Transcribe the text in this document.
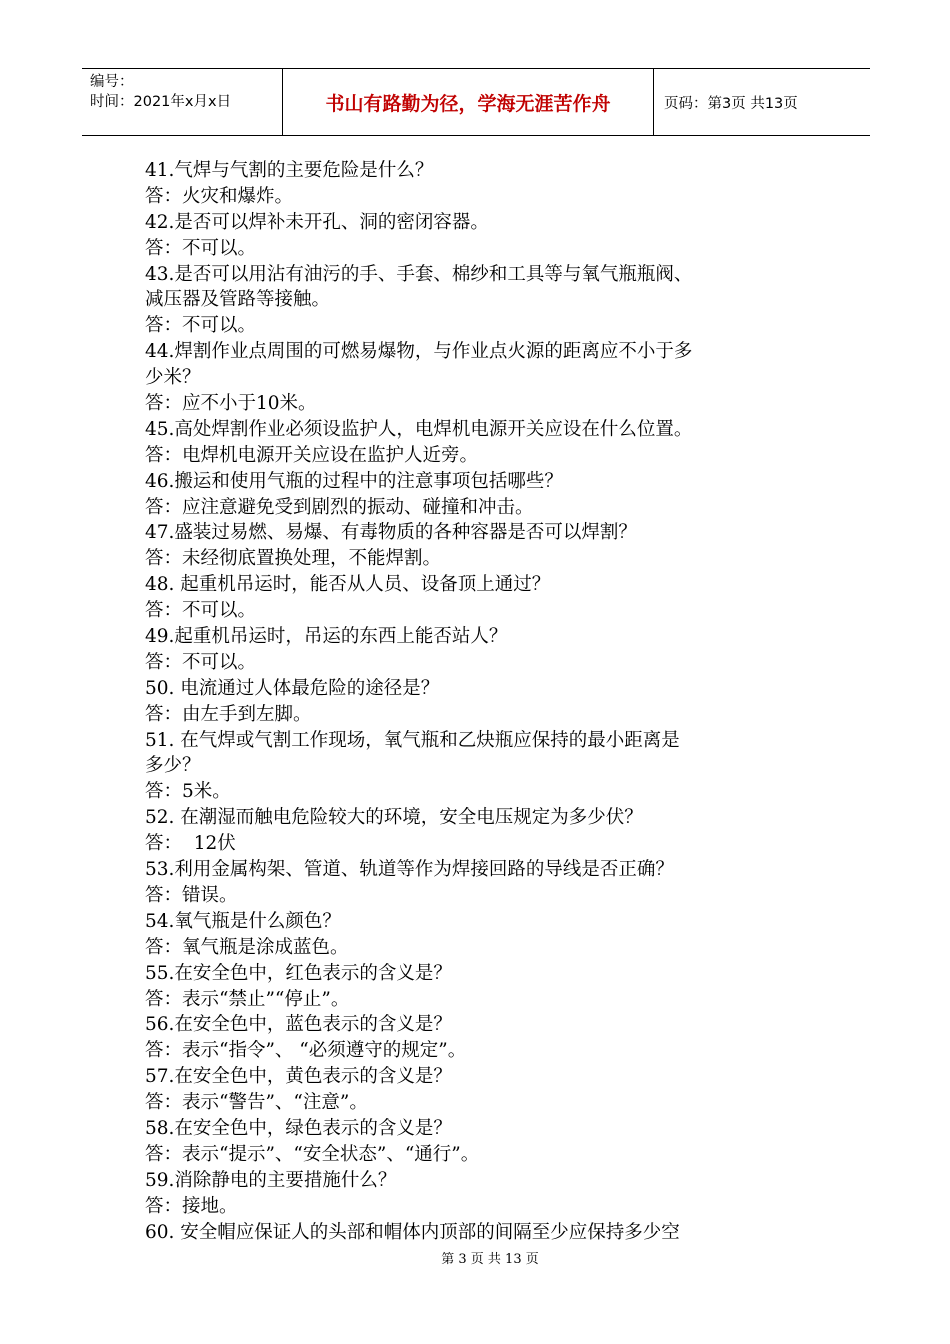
编号：
时间：2021年x月x日	书山有路勤为径，学海无涯苦作舟	页码：第3页 共13页
41.气焊与气割的主要危险是什么？
答：火灾和爆炸。
42.是否可以焊补未开孔、洞的密闭容器。
答：不可以。
43.是否可以用沾有油污的手、手套、棉纱和工具等与氧气瓶瓶阀、
减压器及管路等接触。
答：不可以。
44.焊割作业点周围的可燃易爆物，与作业点火源的距离应不小于多
少米？
答：应不小于10米。
45.高处焊割作业必须设监护人，电焊机电源开关应设在什么位置。
答：电焊机电源开关应设在监护人近旁。
46.搬运和使用气瓶的过程中的注意事项包括哪些？
答：应注意避免受到剧烈的振动、碰撞和冲击。
47.盛装过易燃、易爆、有毒物质的各种容器是否可以焊割？
答：未经彻底置换处理，不能焊割。
48. 起重机吊运时，能否从人员、设备顶上通过？
答：不可以。
49.起重机吊运时，吊运的东西上能否站人？
答：不可以。
50. 电流通过人体最危险的途径是？
答：由左手到左脚。
51. 在气焊或气割工作现场，氧气瓶和乙炔瓶应保持的最小距离是
多少？
答：5米。
52. 在潮湿而触电危险较大的环境，安全电压规定为多少伏？
答：  12伏
53.利用金属构架、管道、轨道等作为焊接回路的导线是否正确？
答：错误。
54.氧气瓶是什么颜色？
答：氧气瓶是涂成蓝色。
55.在安全色中，红色表示的含义是？
答：表示“禁止”“停止”。
56.在安全色中，蓝色表示的含义是？
答：表示“指令”、 “必须遵守的规定”。
57.在安全色中，黄色表示的含义是？
答：表示“警告”、“注意”。
58.在安全色中，绿色表示的含义是？
答：表示“提示”、“安全状态”、“通行”。
59.消除静电的主要措施什么？
答：接地。
60. 安全帽应保证人的头部和帽体内顶部的间隔至少应保持多少空
第 3 页 共 13 页
